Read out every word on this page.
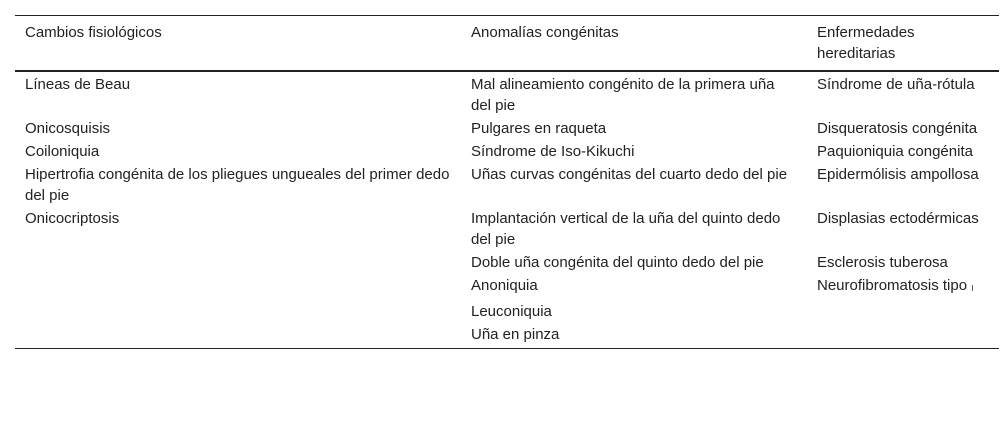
Cambios fisiológicos	Anomalías congénitas	Enfermedades hereditarias
Líneas de Beau	Mal alineamiento congénito de la primera uña del pie	Síndrome de uña-rótula
Onicosquisis	Pulgares en raqueta	Disqueratosis congénita
Coiloniquia	Síndrome de Iso-Kikuchi	Paquioniquia congénita
Hipertrofia congénita de los pliegues ungueales del primer dedo del pie	Uñas curvas congénitas del cuarto dedo del pie	Epidermólisis ampollosa
Onicocriptosis	Implantación vertical de la uña del quinto dedo del pie	Displasias ectodérmicas
	Doble uña congénita del quinto dedo del pie	Esclerosis tuberosa
	Anoniquia	Neurofibromatosis tipo I
	Leuconiquia	
	Uña en pinza	
